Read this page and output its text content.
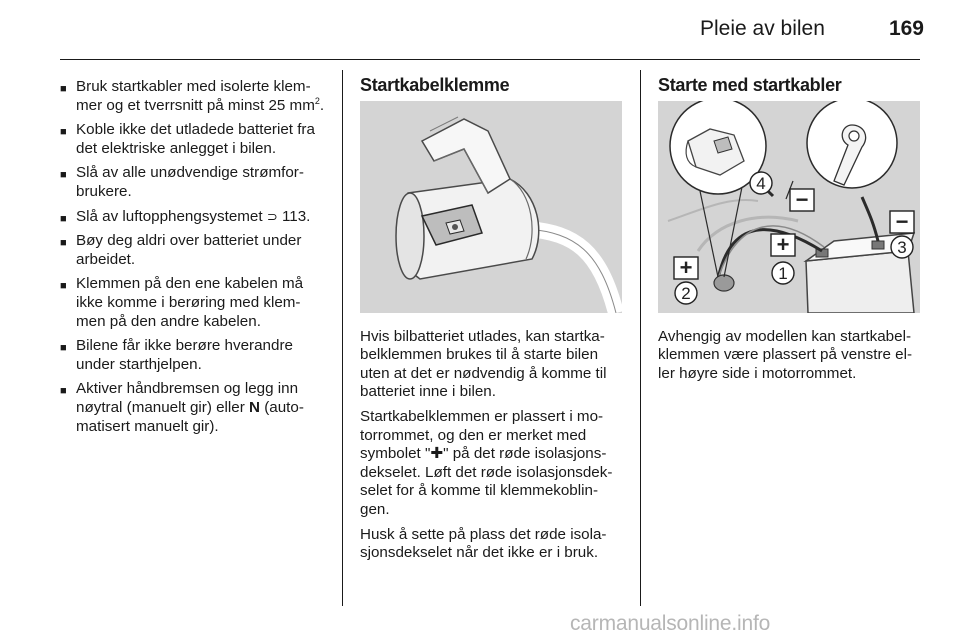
Pleie av bilen	169
■ Bruk startkabler med isolerte klem- mer og et tverrsnitt på minst 25 $mm^2$.
■ Koble ikke det utladede batteriet fra det elektriske anlegget i bilen.
■ Slå av alle unødvendige strømfor- brukere.
■ Slå av luftopphengsystemet ⊃ 113.
■ Bøy deg aldri over batteriet under arbeidet.
■ Klemmen på den ene kabelen må ikke komme i berøring med klem- men på den andre kabelen.
■ Bilene får ikke berøre hverandre under starthjelpen.
■ Aktiver håndbremsen og legg inn nøytral (manuelt gir) eller N (auto- matisert manuelt gir).
Startkabelklemme

Hvis bilbatteriet utlades, kan startka- belklemmen brukes til å starte bilen uten at det er nødvendig å komme til batteriet inne i bilen.

Startkabelklemmen er plassert i mo- torrommet, og den er merket med symbolet "✚" på det røde isolasjons- dekselet. Løft det røde isolasjonsdek- selet for å komme til klemmekoblin- gen.

Husk å sette på plass det røde isola- sjonsdekselet når det ikke er i bruk.

Starte med startkabler
1
2
3
4
+
+
−
−

Avhengig av modellen kan startkabel- klemmen være plassert på venstre el- ler høyre side i motorrommet.

carmanualsonline.info
